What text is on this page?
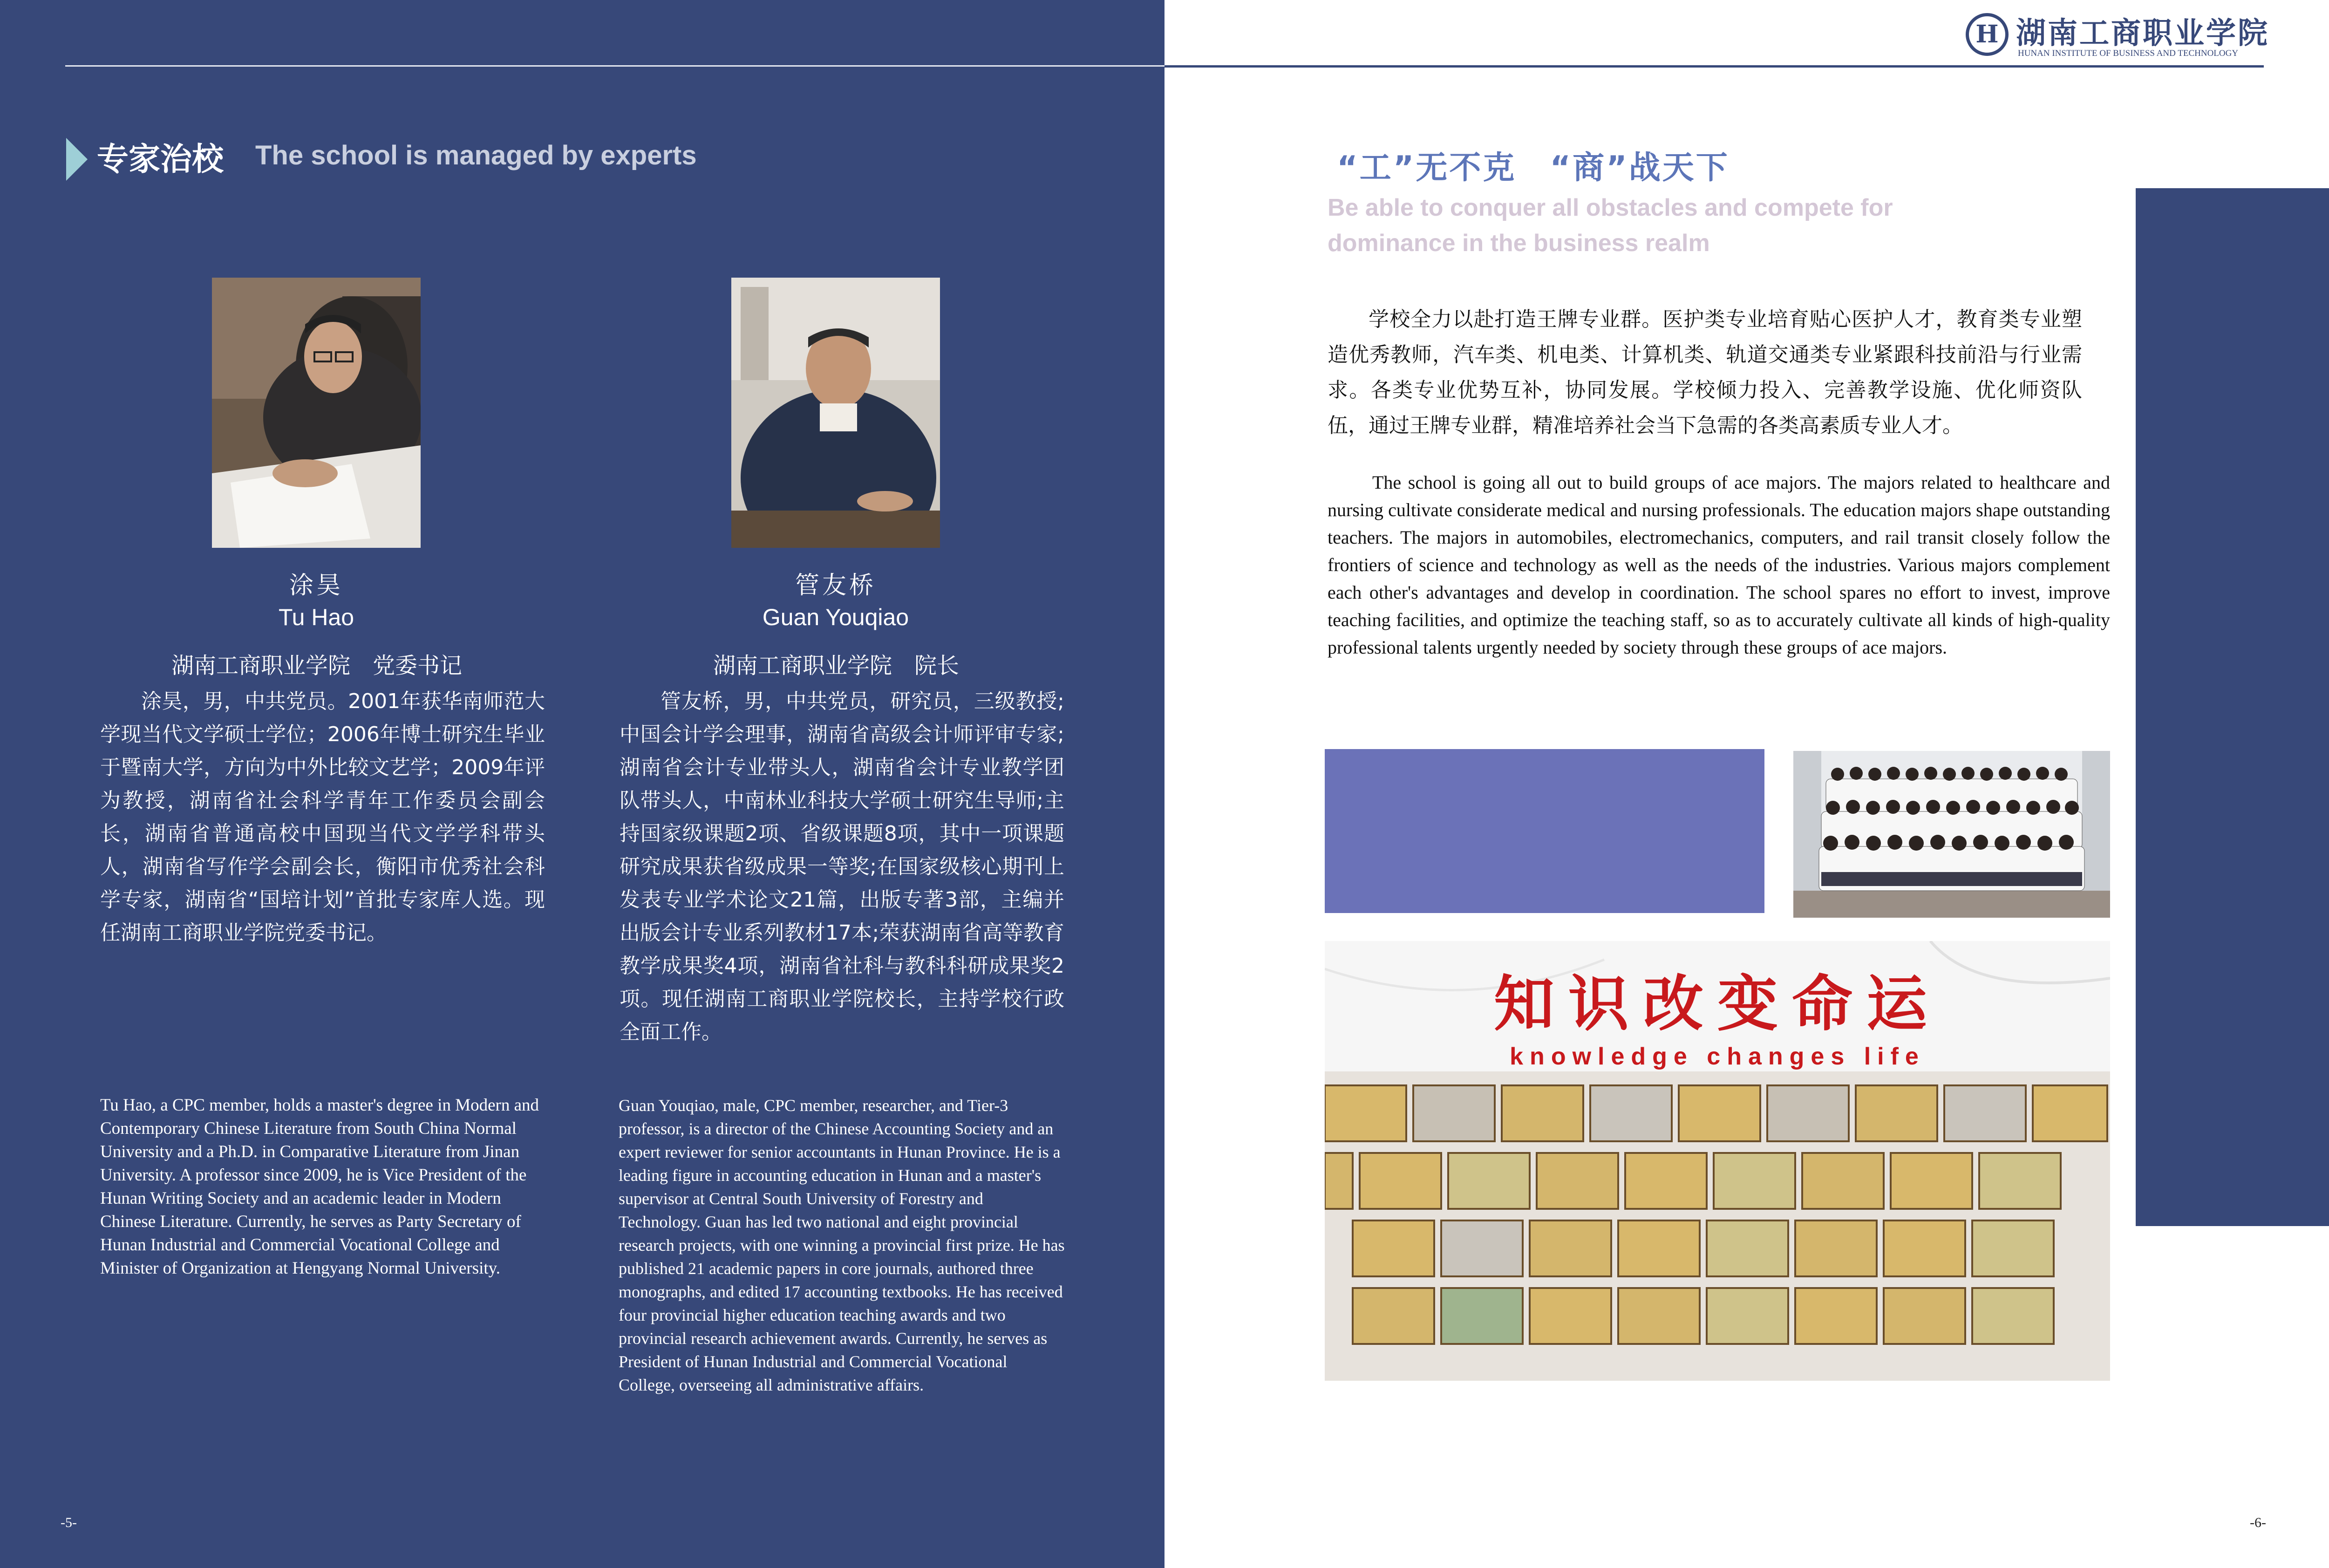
H 湖南工商职业学院
HUNAN INSTITUTE OF BUSINESS AND TECHNOLOGY
专家治校 The school is managed by experts
涂昊
Tu Hao
湖南工商职业学院　党委书记
涂昊，男，中共党员。2001年获华南师范大学现当代文学硕士学位；2006年博士研究生毕业于暨南大学，方向为中外比较文艺学；2009年评为教授，湖南省社会科学青年工作委员会副会长，湖南省普通高校中国现当代文学学科带头人，湖南省写作学会副会长，衡阳市优秀社会科学专家，湖南省“国培计划”首批专家库人选。现任湖南工商职业学院党委书记。
Tu Hao, a CPC member, holds a master's degree in Modern and Contemporary Chinese Literature from South China Normal University and a Ph.D. in Comparative Literature from Jinan University. A professor since 2009, he is Vice President of the Hunan Writing Society and an academic leader in Modern Chinese Literature. Currently, he serves as Party Secretary of Hunan Industrial and Commercial Vocational College and Minister of Organization at Hengyang Normal University.
管友桥
Guan Youqiao
湖南工商职业学院　院长
管友桥，男，中共党员，研究员，三级教授;中国会计学会理事，湖南省高级会计师评审专家;湖南省会计专业带头人，湖南省会计专业教学团队带头人，中南林业科技大学硕士研究生导师;主持国家级课题2项、省级课题8项，其中一项课题研究成果获省级成果一等奖;在国家级核心期刊上发表专业学术论文21篇，出版专著3部，主编并出版会计专业系列教材17本;荣获湖南省高等教育教学成果奖4项，湖南省社科与教科科研成果奖2项。现任湖南工商职业学院校长，主持学校行政全面工作。
Guan Youqiao, male, CPC member, researcher, and Tier-3 professor, is a director of the Chinese Accounting Society and an expert reviewer for senior accountants in Hunan Province. He is a leading figure in accounting education in Hunan and a master's supervisor at Central South University of Forestry and Technology. Guan has led two national and eight provincial research projects, with one winning a provincial first prize. He has published 21 academic papers in core journals, authored three monographs, and edited 17 accounting textbooks. He has received four provincial higher education teaching awards and two provincial research achievement awards. Currently, he serves as President of Hunan Industrial and Commercial Vocational College, overseeing all administrative affairs.
-5-
“工”无不克　“商”战天下
Be able to conquer all obstacles and compete for dominance in the business realm
学校全力以赴打造王牌专业群。医护类专业培育贴心医护人才，教育类专业塑造优秀教师，汽车类、机电类、计算机类、轨道交通类专业紧跟科技前沿与行业需求。各类专业优势互补，协同发展。学校倾力投入、完善教学设施、优化师资队伍，通过王牌专业群，精准培养社会当下急需的各类高素质专业人才。
The school is going all out to build groups of ace majors. The majors related to healthcare and nursing cultivate considerate medical and nursing professionals. The education majors shape outstanding teachers. The majors in automobiles, electromechanics, computers, and rail transit closely follow the frontiers of science and technology as well as the needs of the industries. Various majors complement each other's advantages and develop in coordination. The school spares no effort to invest, improve teaching facilities, and optimize the teaching staff, so as to accurately cultivate all kinds of high-quality professional talents urgently needed by society through these groups of ace majors.
知识改变命运
knowledge changes life
-6-
